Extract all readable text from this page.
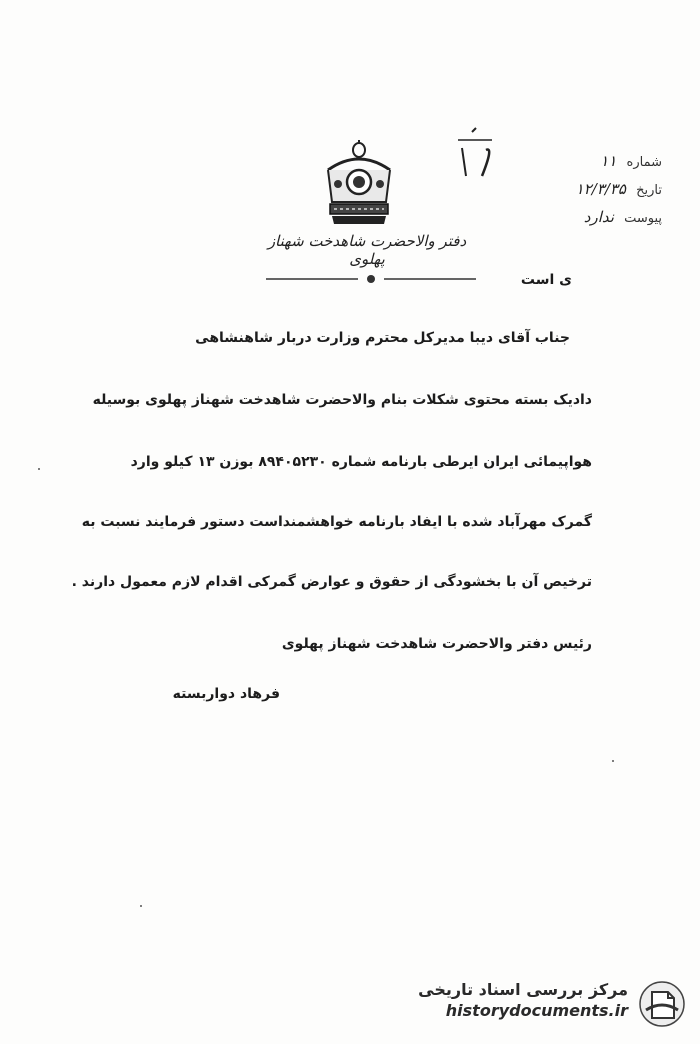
دفتر والاحضرت شاهدخت شهناز پهلوی
شماره ۱۱
تاریخ ۱۲/۳/۳۵
پیوست ندارد
ی است
جناب آقای دیبا مدیرکل محترم وزارت دربار شاهنشاهی
دادیک بسته محتوی شکلات بنام والاحضرت شاهدخت شهناز پهلوی بوسیله
هواپیمائی ایران ایرطی بارنامه شماره ۸۹۴۰۵۲۳۰ بوزن ۱۳ کیلو وارد
گمرک مهرآباد شده با ایفاد بارنامه خواهشمنداست دستور فرمایند نسبت به
ترخیص آن با بخشودگی از حقوق و عوارض گمرکی اقدام لازم معمول دارند .
رئیس دفتر والاحضرت شاهدخت شهناز پهلوی
فرهاد دواربسته
مرکز بررسی اسناد تاریخی
historydocuments.ir
